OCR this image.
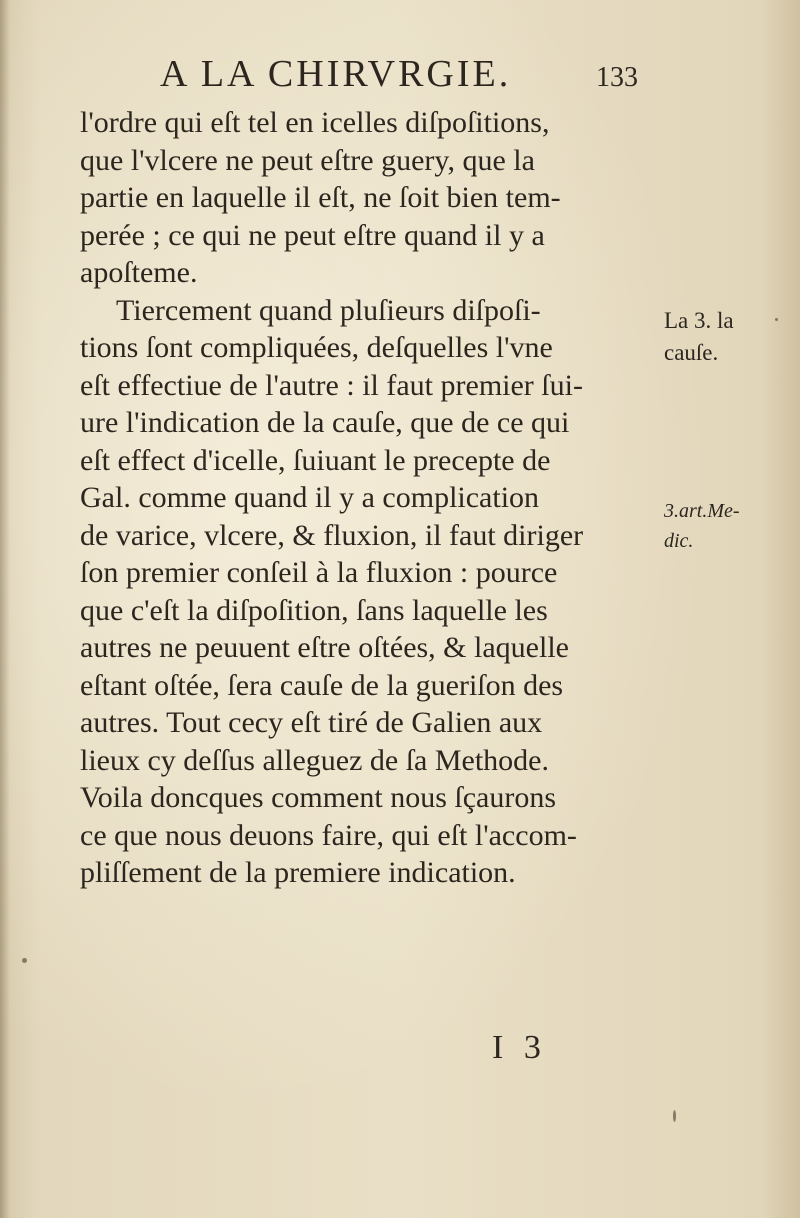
A LA CHIRVRGIE.	133
l'ordre qui eſt tel en icelles diſpoſitions,
que l'vlcere ne peut eſtre guery, que la
partie en laquelle il eſt, ne ſoit bien tem-
perée ; ce qui ne peut eſtre quand il y a
apoſteme.
Tiercement quand pluſieurs diſpoſi-
tions ſont compliquées, deſquelles l'vne
eſt effectiue de l'autre : il faut premier ſui-
ure l'indication de la cauſe, que de ce qui
eſt effect d'icelle, ſuiuant le precepte de
Gal. comme quand il y a complication
de varice, vlcere, & fluxion, il faut diriger
ſon premier conſeil à la fluxion : pource
que c'eſt la diſpoſition, ſans laquelle les
autres ne peuuent eſtre oſtées, & laquelle
eſtant oſtée, ſera cauſe de la gueriſon des
autres. Tout cecy eſt tiré de Galien aux
lieux cy deſſus alleguez de ſa Methode.
Voila doncques comment nous ſçaurons
ce que nous deuons faire, qui eſt l'accom-
pliſſement de la premiere indication.
La 3. la
cauſe.
3.art.Me-
dic.
I 3
